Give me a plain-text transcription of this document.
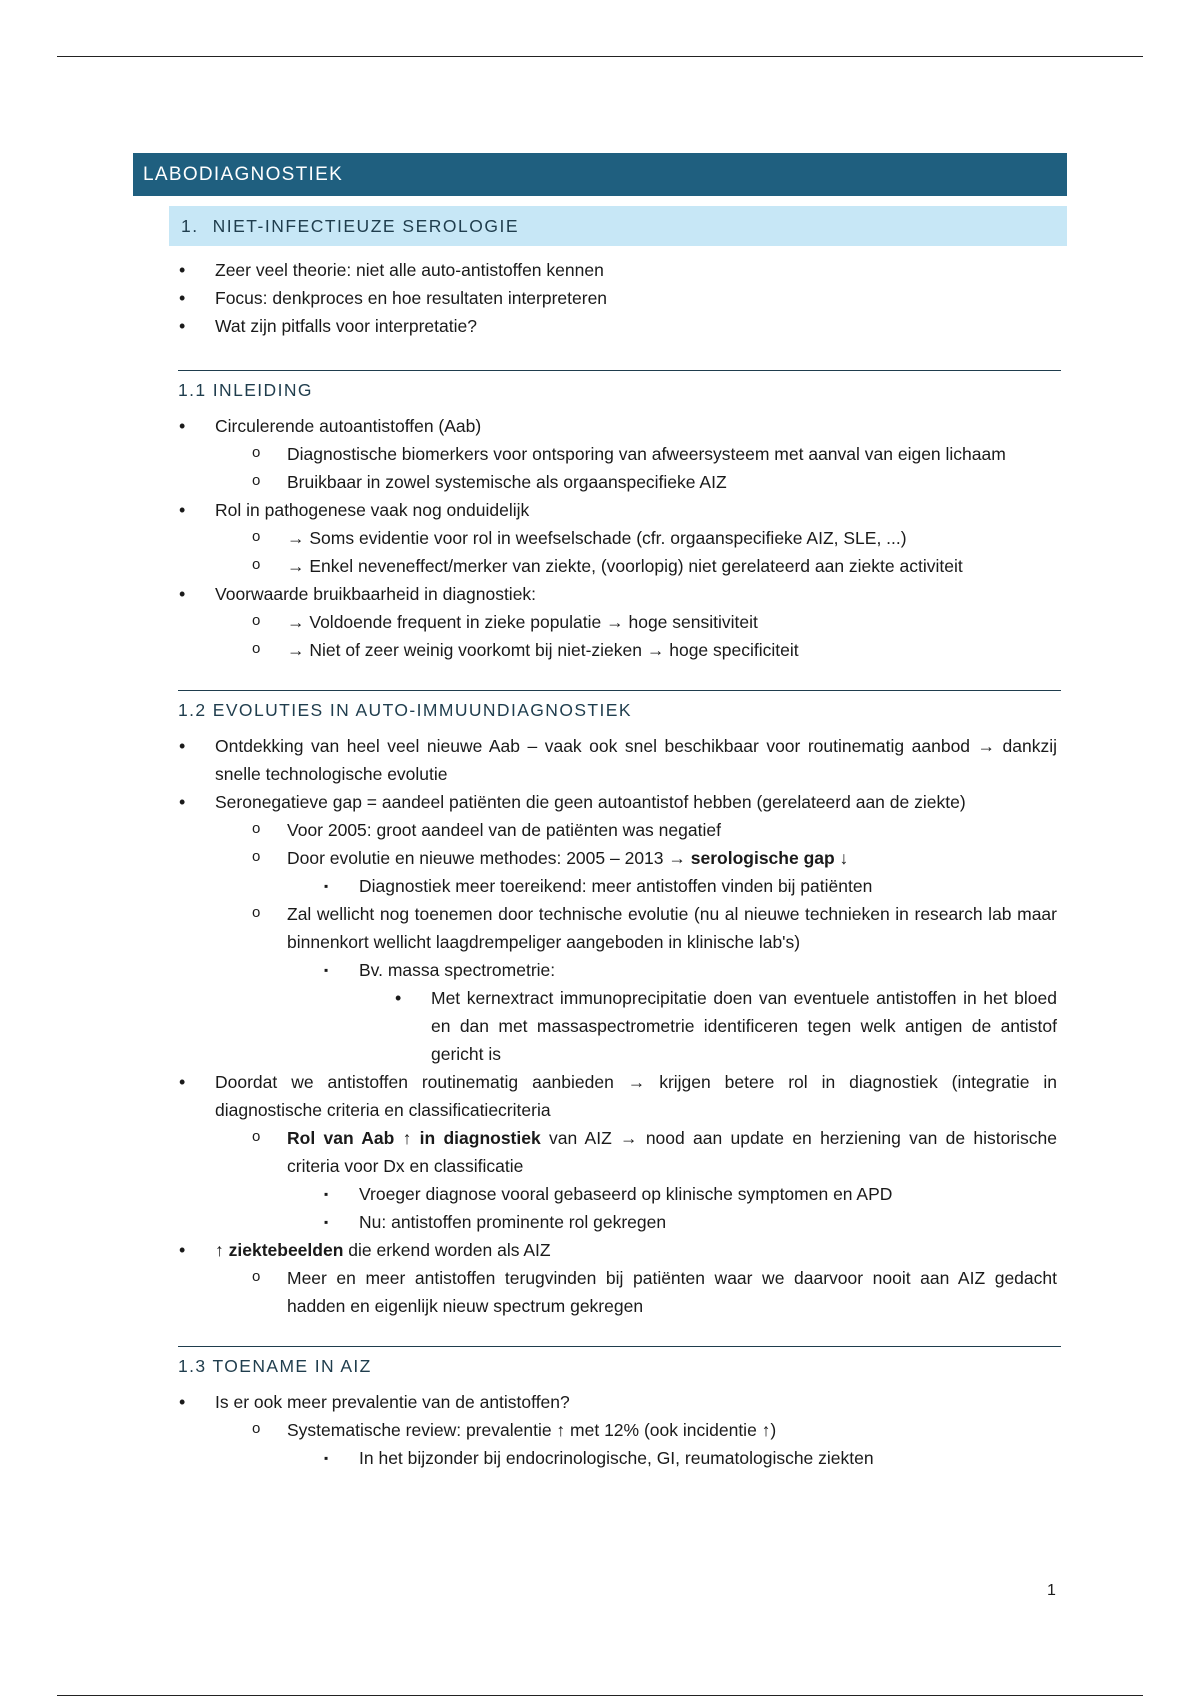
LABODIAGNOSTIEK
1. NIET-INFECTIEUZE SEROLOGIE
• Zeer veel theorie: niet alle auto-antistoffen kennen
• Focus: denkproces en hoe resultaten interpreteren
• Wat zijn pitfalls voor interpretatie?
1.1 INLEIDING
• Circulerende autoantistoffen (Aab)
o Diagnostische biomerkers voor ontsporing van afweersysteem met aanval van eigen lichaam
o Bruikbaar in zowel systemische als orgaanspecifieke AIZ
• Rol in pathogenese vaak nog onduidelijk
o → Soms evidentie voor rol in weefselschade (cfr. orgaanspecifieke AIZ, SLE, ...)
o → Enkel neveneffect/merker van ziekte, (voorlopig) niet gerelateerd aan ziekte activiteit
• Voorwaarde bruikbaarheid in diagnostiek:
o → Voldoende frequent in zieke populatie → hoge sensitiviteit
o → Niet of zeer weinig voorkomt bij niet-zieken → hoge specificiteit
1.2 EVOLUTIES IN AUTO-IMMUUNDIAGNOSTIEK
• Ontdekking van heel veel nieuwe Aab – vaak ook snel beschikbaar voor routinematig aanbod → dankzij snelle technologische evolutie
• Seronegatieve gap = aandeel patiënten die geen autoantistof hebben (gerelateerd aan de ziekte)
o Voor 2005: groot aandeel van de patiënten was negatief
o Door evolutie en nieuwe methodes: 2005 – 2013 → serologische gap ↓
▪ Diagnostiek meer toereikend: meer antistoffen vinden bij patiënten
o Zal wellicht nog toenemen door technische evolutie (nu al nieuwe technieken in research lab maar binnenkort wellicht laagdrempeliger aangeboden in klinische lab's)
▪ Bv. massa spectrometrie:
• Met kernextract immunoprecipitatie doen van eventuele antistoffen in het bloed en dan met massaspectrometrie identificeren tegen welk antigen de antistof gericht is
• Doordat we antistoffen routinematig aanbieden → krijgen betere rol in diagnostiek (integratie in diagnostische criteria en classificatiecriteria
o Rol van Aab ↑ in diagnostiek van AIZ → nood aan update en herziening van de historische criteria voor Dx en classificatie
▪ Vroeger diagnose vooral gebaseerd op klinische symptomen en APD
▪ Nu: antistoffen prominente rol gekregen
• ↑ ziektebeelden die erkend worden als AIZ
o Meer en meer antistoffen terugvinden bij patiënten waar we daarvoor nooit aan AIZ gedacht hadden en eigenlijk nieuw spectrum gekregen
1.3 TOENAME IN AIZ
• Is er ook meer prevalentie van de antistoffen?
o Systematische review: prevalentie ↑ met 12% (ook incidentie ↑)
▪ In het bijzonder bij endocrinologische, GI, reumatologische ziekten
1
